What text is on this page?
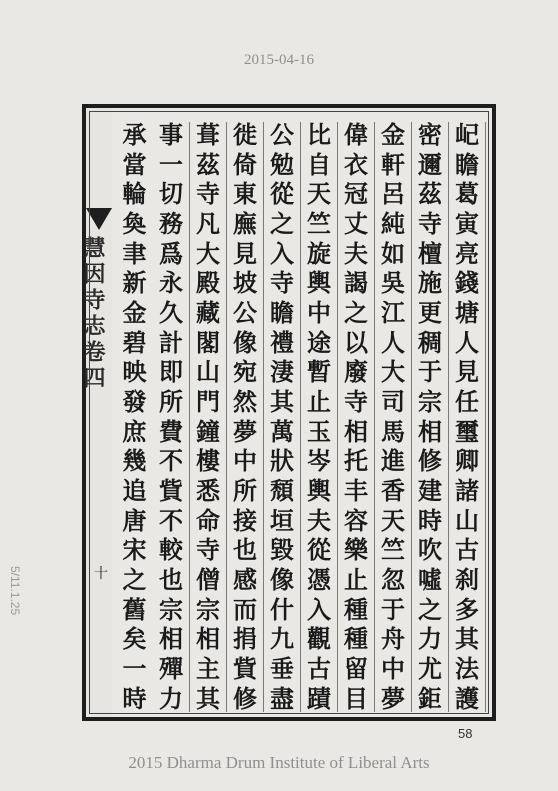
2015-04-16
屺
瞻
葛
寅
亮
錢
塘
人
見
任
璽
卿
諸
山
古
刹
多
其
法
護
密
邇
茲
寺
檀
施
更
稠
于
宗
相
修
建
時
吹
噓
之
力
尤
鉅
金
軒
呂
純
如
吳
江
人
大
司
馬
進
香
天
竺
忽
于
舟
中
夢
偉
衣
冠
丈
夫
謁
之
以
廢
寺
相
托
丰
容
樂
止
種
種
留
目
比
自
天
竺
旋
輿
中
途
暫
止
玉
岑
輿
夫
從
憑
入
觀
古
蹟
公
勉
從
之
入
寺
瞻
禮
淒
其
萬
狀
頹
垣
毀
像
什
九
垂
盡
徙
倚
東
廡
見
坡
公
像
宛
然
夢
中
所
接
也
感
而
捐
貲
修
葺
茲
寺
凡
大
殿
藏
閣
山
門
鐘
樓
悉
命
寺
僧
宗
相
主
其
事
一
切
務
爲
永
久
計
即
所
費
不
貲
不
較
也
宗
相
殫
力
承
當
輪
奐
聿
新
金
碧
映
發
庶
幾
追
唐
宋
之
舊
矣
一
時
慧因寺志卷四
十
5/11.1.25
58
2015 Dharma Drum Institute of Liberal Arts
